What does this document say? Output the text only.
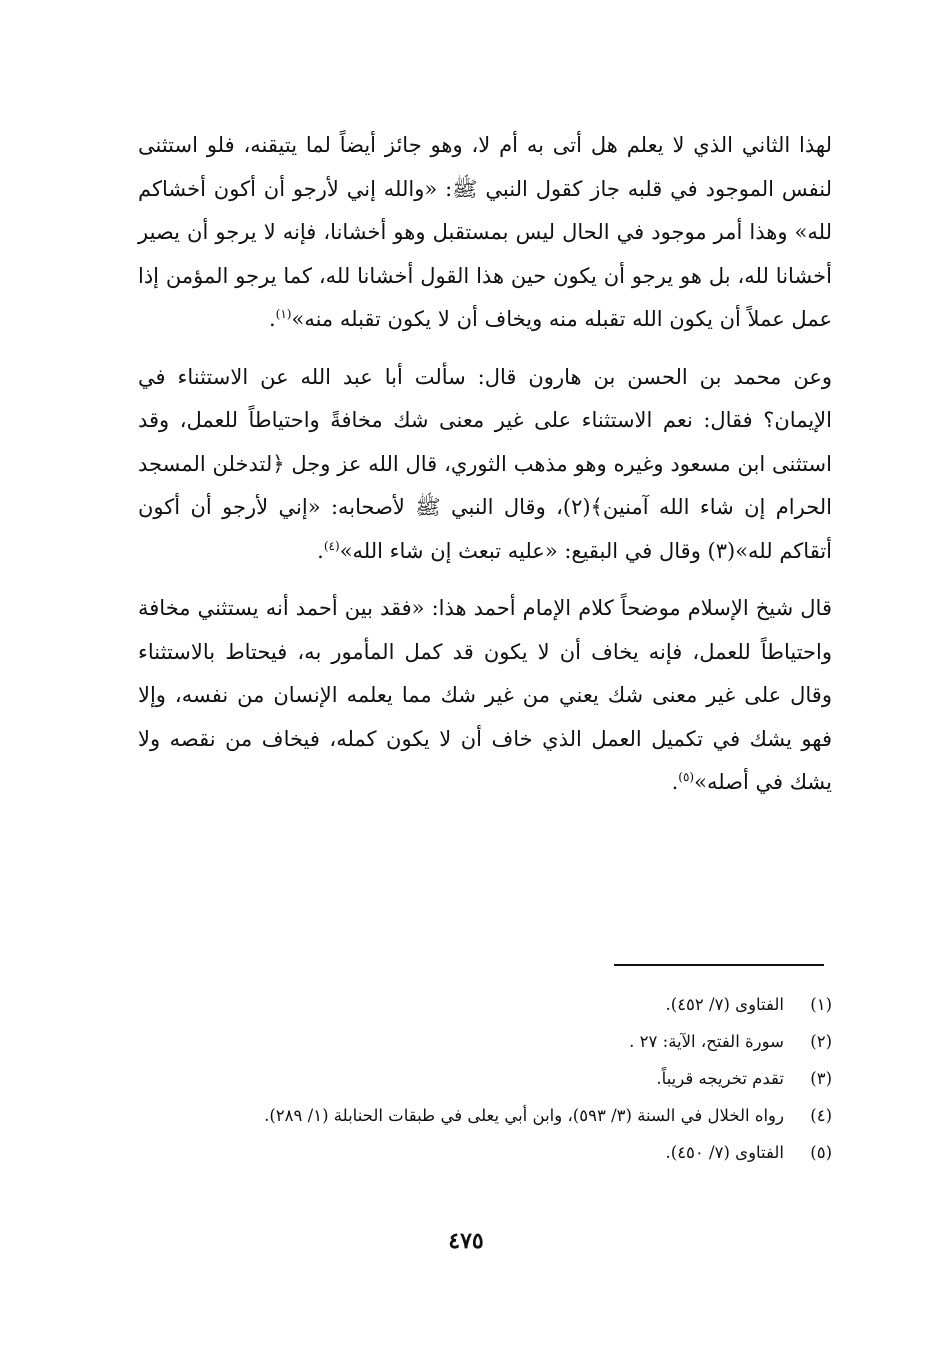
لهذا الثاني الذي لا يعلم هل أتى به أم لا، وهو جائز أيضاً لما يتيقنه، فلو استثنى لنفس الموجود في قلبه جاز كقول النبي ﷺ: «والله إني لأرجو أن أكون أخشاكم لله» وهذا أمر موجود في الحال ليس بمستقبل وهو أخشانا، فإنه لا يرجو أن يصير أخشانا لله، بل هو يرجو أن يكون حين هذا القول أخشانا لله، كما يرجو المؤمن إذا عمل عملاً أن يكون الله تقبله منه ويخاف أن لا يكون تقبله منه»$^{(١)}$.

وعن محمد بن الحسن بن هارون قال: سألت أبا عبد الله عن الاستثناء في الإيمان؟ فقال: نعم الاستثناء على غير معنى شك مخافةً واحتياطاً للعمل، وقد استثنى ابن مسعود وغيره وهو مذهب الثوري، قال الله عز وجل ﴿لتدخلن المسجد الحرام إن شاء الله آمنين﴾(٢)، وقال النبي ﷺ لأصحابه: «إني لأرجو أن أكون أتقاكم لله»(٣) وقال في البقيع: «عليه تبعث إن شاء الله»$^{(٤)}$.

قال شيخ الإسلام موضحاً كلام الإمام أحمد هذا: «فقد بين أحمد أنه يستثني مخافة واحتياطاً للعمل، فإنه يخاف أن لا يكون قد كمل المأمور به، فيحتاط بالاستثناء وقال على غير معنى شك يعني من غير شك مما يعلمه الإنسان من نفسه، وإلا فهو يشك في تكميل العمل الذي خاف أن لا يكون كمله، فيخاف من نقصه ولا يشك في أصله»$^{(٥)}$.

(١)
الفتاوى (٧/ ٤٥٢).
(٢)
سورة الفتح، الآية: ٢٧ .
(٣)
تقدم تخريجه قريباً.
(٤)
رواه الخلال في السنة (٣/ ٥٩٣)، وابن أبي يعلى في طبقات الحنابلة (١/ ٢٨٩).
(٥)
الفتاوى (٧/ ٤٥٠).
٤٧٥
